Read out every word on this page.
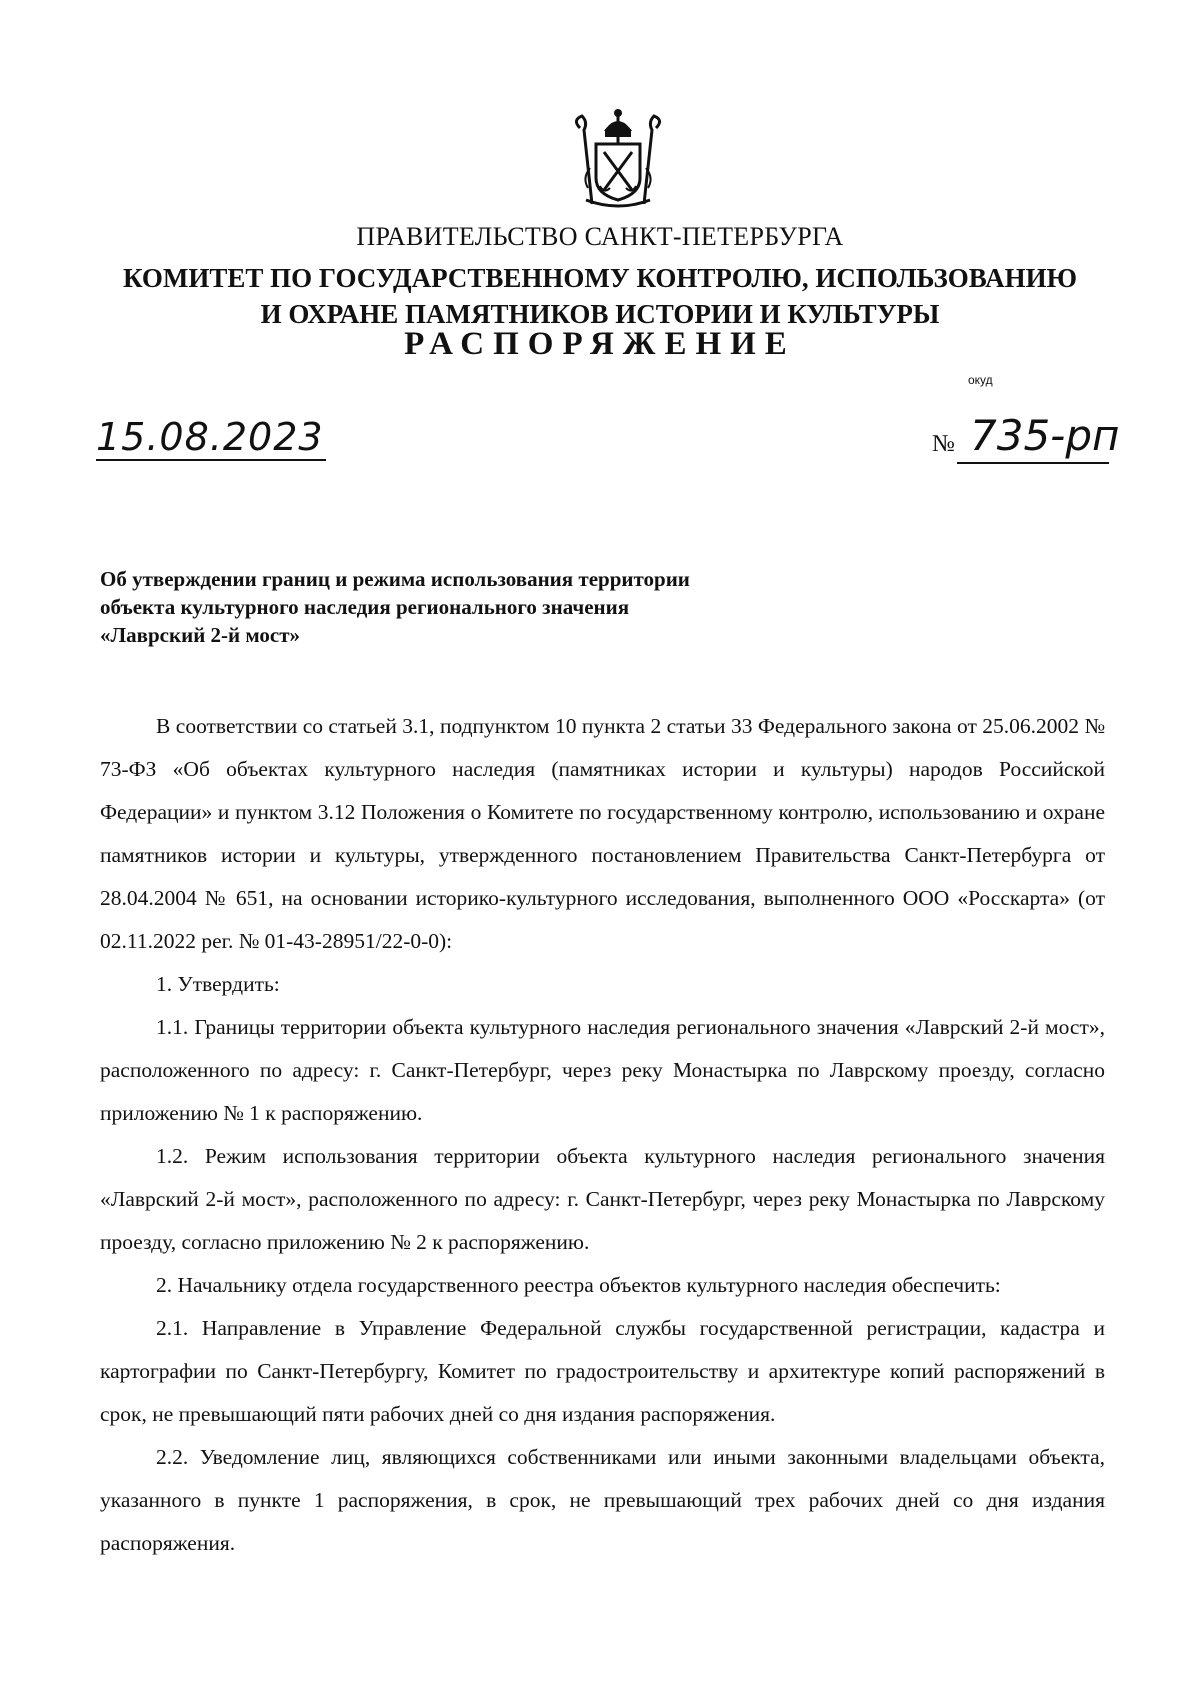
ПРАВИТЕЛЬСТВО САНКТ-ПЕТЕРБУРГА
КОМИТЕТ ПО ГОСУДАРСТВЕННОМУ КОНТРОЛЮ, ИСПОЛЬЗОВАНИЮ
И ОХРАНЕ ПАМЯТНИКОВ ИСТОРИИ И КУЛЬТУРЫ
РАСПОРЯЖЕНИЕ
окуд
15.08.2023	№ 735-рп
Об утверждении границ и режима использования территории
объекта культурного наследия регионального значения
«Лаврский 2-й мост»

В соответствии со статьей 3.1, подпунктом 10 пункта 2 статьи 33 Федерального закона от 25.06.2002 № 73-ФЗ «Об объектах культурного наследия (памятниках истории и культуры) народов Российской Федерации» и пунктом 3.12 Положения о Комитете по государственному контролю, использованию и охране памятников истории и культуры, утвержденного постановлением Правительства Санкт-Петербурга от 28.04.2004 № 651, на основании историко-культурного исследования, выполненного ООО «Росскарта» (от 02.11.2022 рег. № 01-43-28951/22-0-0):

1. Утвердить:

1.1. Границы территории объекта культурного наследия регионального значения «Лаврский 2-й мост», расположенного по адресу: г. Санкт-Петербург, через реку Монастырка по Лаврскому проезду, согласно приложению № 1 к распоряжению.

1.2. Режим использования территории объекта культурного наследия регионального значения «Лаврский 2-й мост», расположенного по адресу: г. Санкт-Петербург, через реку Монастырка по Лаврскому проезду, согласно приложению № 2 к распоряжению.

2. Начальнику отдела государственного реестра объектов культурного наследия обеспечить:

2.1. Направление в Управление Федеральной службы государственной регистрации, кадастра и картографии по Санкт-Петербургу, Комитет по градостроительству и архитектуре копий распоряжений в срок, не превышающий пяти рабочих дней со дня издания распоряжения.

2.2. Уведомление лиц, являющихся собственниками или иными законными владельцами объекта, указанного в пункте 1 распоряжения, в срок, не превышающий трех рабочих дней со дня издания распоряжения.
